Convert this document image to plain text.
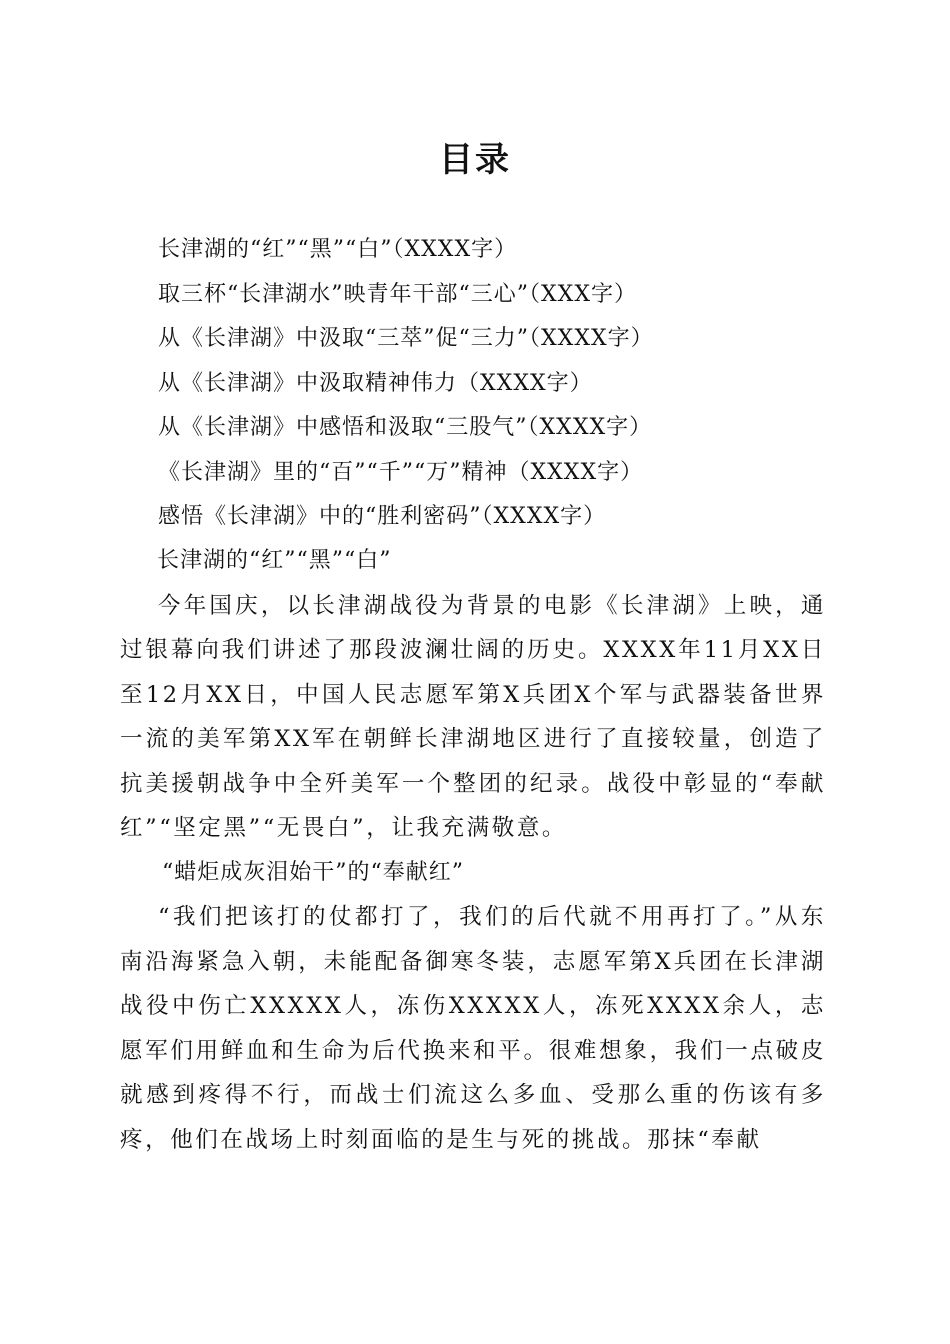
目录
长津湖的“红”“黑”“白”（XXXX字）
取三杯“长津湖水”映青年干部“三心”（XXX字）
从《长津湖》中汲取“三萃”促“三力”（XXXX字）
从《长津湖》中汲取精神伟力（XXXX字）
从《长津湖》中感悟和汲取“三股气”（XXXX字）
《长津湖》里的“百”“千”“万”精神（XXXX字）
感悟《长津湖》中的“胜利密码”（XXXX字）

长津湖的“红”“黑”“白”

今年国庆，以长津湖战役为背景的电影《长津湖》上映，通过银幕向我们讲述了那段波澜壮阔的历史。XXXX年11月XX日至12月XX日，中国人民志愿军第X兵团X个军与武器装备世界一流的美军第XX军在朝鲜长津湖地区进行了直接较量，创造了抗美援朝战争中全歼美军一个整团的纪录。战役中彰显的“奉献红”“坚定黑”“无畏白”，让我充满敬意。

“蜡炬成灰泪始干”的“奉献红”

“我们把该打的仗都打了，我们的后代就不用再打了。”从东南沿海紧急入朝，未能配备御寒冬装，志愿军第X兵团在长津湖战役中伤亡XXXXX人，冻伤XXXXX人，冻死XXXX余人，志愿军们用鲜血和生命为后代换来和平。很难想象，我们一点破皮就感到疼得不行，而战士们流这么多血、受那么重的伤该有多疼，他们在战场上时刻面临的是生与死的挑战。那抹“奉献
